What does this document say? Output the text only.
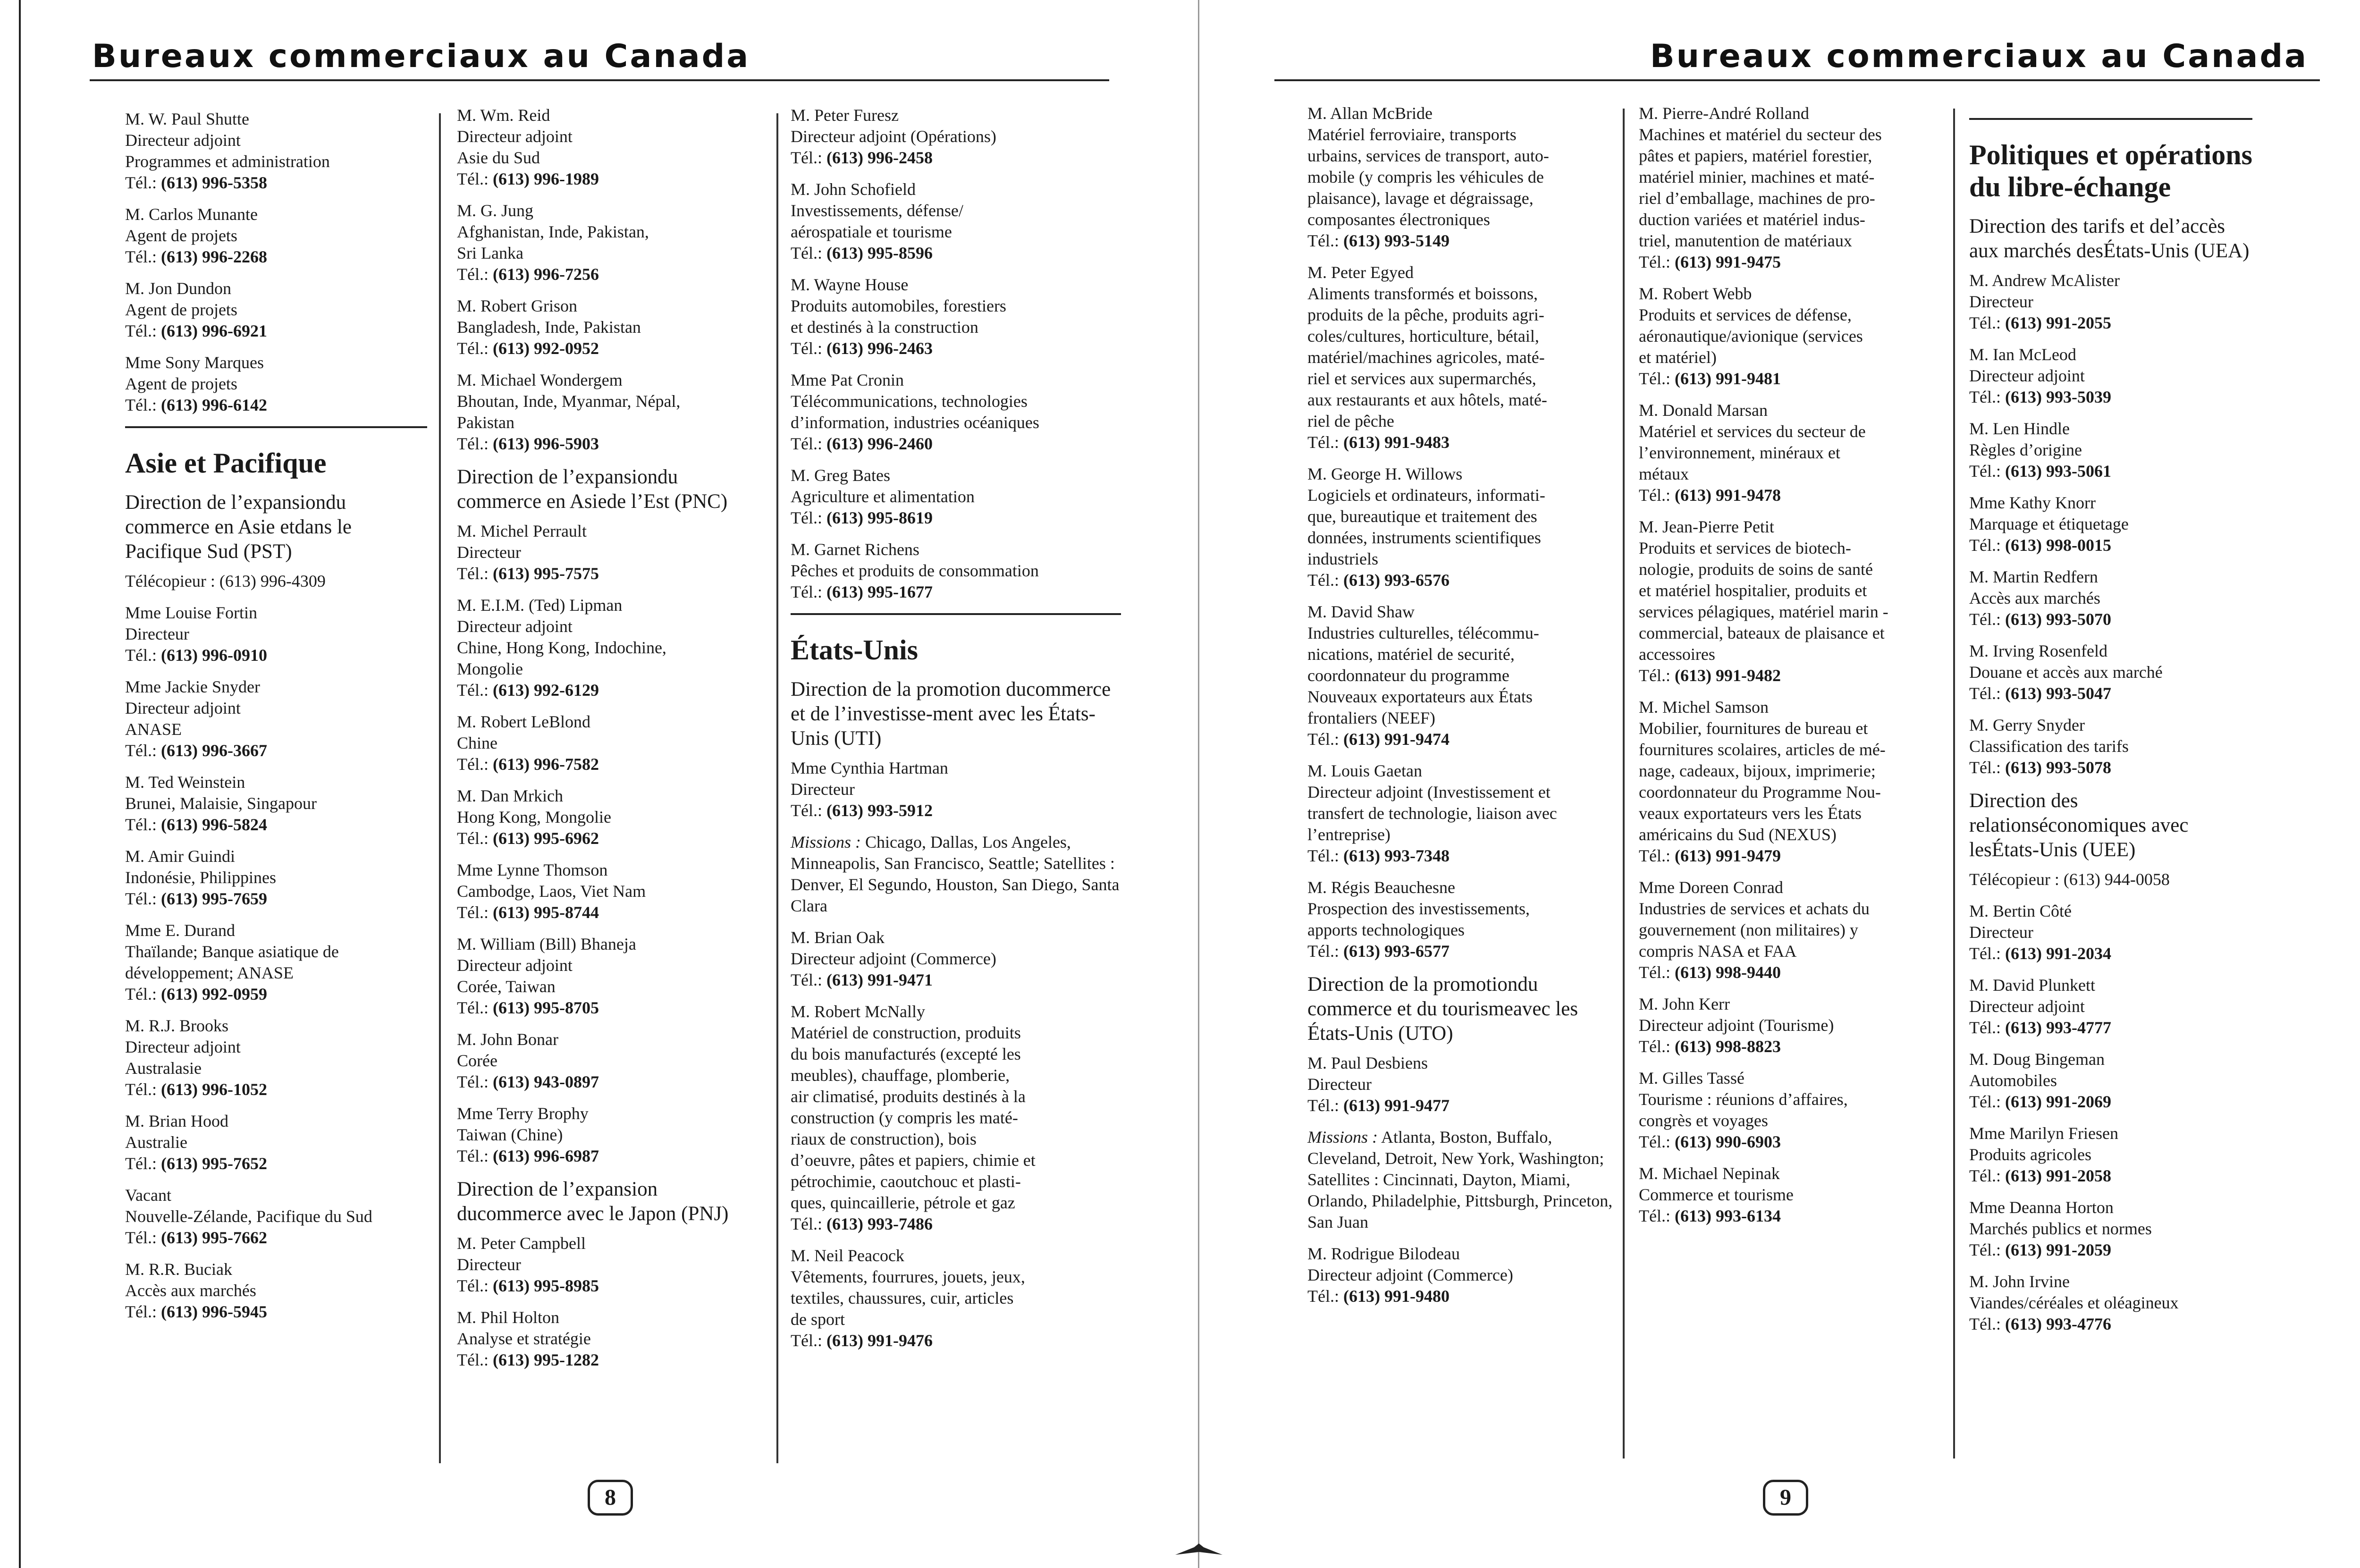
Bureaux commerciaux au Canada
M. W. Paul Shutte
Directeur adjoint
Programmes et administration
Tél.: (613) 996-5358
M. Carlos Munante
Agent de projets
Tél.: (613) 996-2268
M. Jon Dundon
Agent de projets
Tél.: (613) 996-6921
Mme Sony Marques
Agent de projets
Tél.: (613) 996-6142
Asie et Pacifique
Direction de l’expansiondu commerce en Asie etdans le Pacifique Sud (PST)
Télécopieur : (613) 996-4309
Mme Louise Fortin
Directeur
Tél.: (613) 996-0910
Mme Jackie Snyder
Directeur adjoint
ANASE
Tél.: (613) 996-3667
M. Ted Weinstein
Brunei, Malaisie, Singapour
Tél.: (613) 996-5824
M. Amir Guindi
Indonésie, Philippines
Tél.: (613) 995-7659
Mme E. Durand
Thaïlande; Banque asiatique de
développement; ANASE
Tél.: (613) 992-0959
M. R.J. Brooks
Directeur adjoint
Australasie
Tél.: (613) 996-1052
M. Brian Hood
Australie
Tél.: (613) 995-7652
Vacant
Nouvelle-Zélande, Pacifique du Sud
Tél.: (613) 995-7662
M. R.R. Buciak
Accès aux marchés
Tél.: (613) 996-5945
M. Wm. Reid
Directeur adjoint
Asie du Sud
Tél.: (613) 996-1989
M. G. Jung
Afghanistan, Inde, Pakistan,
Sri Lanka
Tél.: (613) 996-7256
M. Robert Grison
Bangladesh, Inde, Pakistan
Tél.: (613) 992-0952
M. Michael Wondergem
Bhoutan, Inde, Myanmar, Népal,
Pakistan
Tél.: (613) 996-5903
Direction de l’expansiondu commerce en Asiede l’Est (PNC)
M. Michel Perrault
Directeur
Tél.: (613) 995-7575
M. E.I.M. (Ted) Lipman
Directeur adjoint
Chine, Hong Kong, Indochine,
Mongolie
Tél.: (613) 992-6129
M. Robert LeBlond
Chine
Tél.: (613) 996-7582
M. Dan Mrkich
Hong Kong, Mongolie
Tél.: (613) 995-6962
Mme Lynne Thomson
Cambodge, Laos, Viet Nam
Tél.: (613) 995-8744
M. William (Bill) Bhaneja
Directeur adjoint
Corée, Taiwan
Tél.: (613) 995-8705
M. John Bonar
Corée
Tél.: (613) 943-0897
Mme Terry Brophy
Taiwan (Chine)
Tél.: (613) 996-6987
Direction de l’expansion ducommerce avec le Japon (PNJ)
M. Peter Campbell
Directeur
Tél.: (613) 995-8985
M. Phil Holton
Analyse et stratégie
Tél.: (613) 995-1282
M. Peter Furesz
Directeur adjoint (Opérations)
Tél.: (613) 996-2458
M. John Schofield
Investissements, défense/
aérospatiale et tourisme
Tél.: (613) 995-8596
M. Wayne House
Produits automobiles, forestiers
et destinés à la construction
Tél.: (613) 996-2463
Mme Pat Cronin
Télécommunications, technologies
d’information, industries océaniques
Tél.: (613) 996-2460
M. Greg Bates
Agriculture et alimentation
Tél.: (613) 995-8619
M. Garnet Richens
Pêches et produits de consommation
Tél.: (613) 995-1677
États-Unis
Direction de la promotion ducommerce et de l’investisse-ment avec les États-Unis (UTI)
Mme Cynthia Hartman
Directeur
Tél.: (613) 993-5912
Missions : Chicago, Dallas, Los Angeles, Minneapolis, San Francisco, Seattle; Satellites : Denver, El Segundo, Houston, San Diego, Santa Clara
M. Brian Oak
Directeur adjoint (Commerce)
Tél.: (613) 991-9471
M. Robert McNally
Matériel de construction, produits
du bois manufacturés (excepté les
meubles), chauffage, plomberie,
air climatisé, produits destinés à la
construction (y compris les maté-
riaux de construction), bois
d’oeuvre, pâtes et papiers, chimie et
pétrochimie, caoutchouc et plasti-
ques, quincaillerie, pétrole et gaz
Tél.: (613) 993-7486
M. Neil Peacock
Vêtements, fourrures, jouets, jeux,
textiles, chaussures, cuir, articles
de sport
Tél.: (613) 991-9476
8
Bureaux commerciaux au Canada
M. Allan McBride
Matériel ferroviaire, transports
urbains, services de transport, auto-
mobile (y compris les véhicules de
plaisance), lavage et dégraissage,
composantes électroniques
Tél.: (613) 993-5149
M. Peter Egyed
Aliments transformés et boissons,
produits de la pêche, produits agri-
coles/cultures, horticulture, bétail,
matériel/machines agricoles, maté-
riel et services aux supermarchés,
aux restaurants et aux hôtels, maté-
riel de pêche
Tél.: (613) 991-9483
M. George H. Willows
Logiciels et ordinateurs, informati-
que, bureautique et traitement des
données, instruments scientifiques
industriels
Tél.: (613) 993-6576
M. David Shaw
Industries culturelles, télécommu-
nications, matériel de securité,
coordonnateur du programme
Nouveaux exportateurs aux États
frontaliers (NEEF)
Tél.: (613) 991-9474
M. Louis Gaetan
Directeur adjoint (Investissement et
transfert de technologie, liaison avec
l’entreprise)
Tél.: (613) 993-7348
M. Régis Beauchesne
Prospection des investissements,
apports technologiques
Tél.: (613) 993-6577
Direction de la promotiondu commerce et du tourismeavec les États-Unis (UTO)
M. Paul Desbiens
Directeur
Tél.: (613) 991-9477
Missions : Atlanta, Boston, Buffalo, Cleveland, Detroit, New York, Washington; Satellites : Cincinnati, Dayton, Miami, Orlando, Philadelphie, Pittsburgh, Princeton, San Juan
M. Rodrigue Bilodeau
Directeur adjoint (Commerce)
Tél.: (613) 991-9480
M. Pierre-André Rolland
Machines et matériel du secteur des
pâtes et papiers, matériel forestier,
matériel minier, machines et maté-
riel d’emballage, machines de pro-
duction variées et matériel indus-
triel, manutention de matériaux
Tél.: (613) 991-9475
M. Robert Webb
Produits et services de défense,
aéronautique/avionique (services
et matériel)
Tél.: (613) 991-9481
M. Donald Marsan
Matériel et services du secteur de
l’environnement, minéraux et
métaux
Tél.: (613) 991-9478
M. Jean-Pierre Petit
Produits et services de biotech-
nologie, produits de soins de santé
et matériel hospitalier, produits et
services pélagiques, matériel marin -
commercial, bateaux de plaisance et
accessoires
Tél.: (613) 991-9482
M. Michel Samson
Mobilier, fournitures de bureau et
fournitures scolaires, articles de mé-
nage, cadeaux, bijoux, imprimerie;
coordonnateur du Programme Nou-
veaux exportateurs vers les États
américains du Sud (NEXUS)
Tél.: (613) 991-9479
Mme Doreen Conrad
Industries de services et achats du
gouvernement (non militaires) y
compris NASA et FAA
Tél.: (613) 998-9440
M. John Kerr
Directeur adjoint (Tourisme)
Tél.: (613) 998-8823
M. Gilles Tassé
Tourisme : réunions d’affaires,
congrès et voyages
Tél.: (613) 990-6903
M. Michael Nepinak
Commerce et tourisme
Tél.: (613) 993-6134
Politiques et opérations du libre-échange
Direction des tarifs et del’accès aux marchés desÉtats-Unis (UEA)
M. Andrew McAlister
Directeur
Tél.: (613) 991-2055
M. Ian McLeod
Directeur adjoint
Tél.: (613) 993-5039
M. Len Hindle
Règles d’origine
Tél.: (613) 993-5061
Mme Kathy Knorr
Marquage et étiquetage
Tél.: (613) 998-0015
M. Martin Redfern
Accès aux marchés
Tél.: (613) 993-5070
M. Irving Rosenfeld
Douane et accès aux marché
Tél.: (613) 993-5047
M. Gerry Snyder
Classification des tarifs
Tél.: (613) 993-5078
Direction des relationséconomiques avec lesÉtats-Unis (UEE)
Télécopieur : (613) 944-0058
M. Bertin Côté
Directeur
Tél.: (613) 991-2034
M. David Plunkett
Directeur adjoint
Tél.: (613) 993-4777
M. Doug Bingeman
Automobiles
Tél.: (613) 991-2069
Mme Marilyn Friesen
Produits agricoles
Tél.: (613) 991-2058
Mme Deanna Horton
Marchés publics et normes
Tél.: (613) 991-2059
M. John Irvine
Viandes/céréales et oléagineux
Tél.: (613) 993-4776
9
